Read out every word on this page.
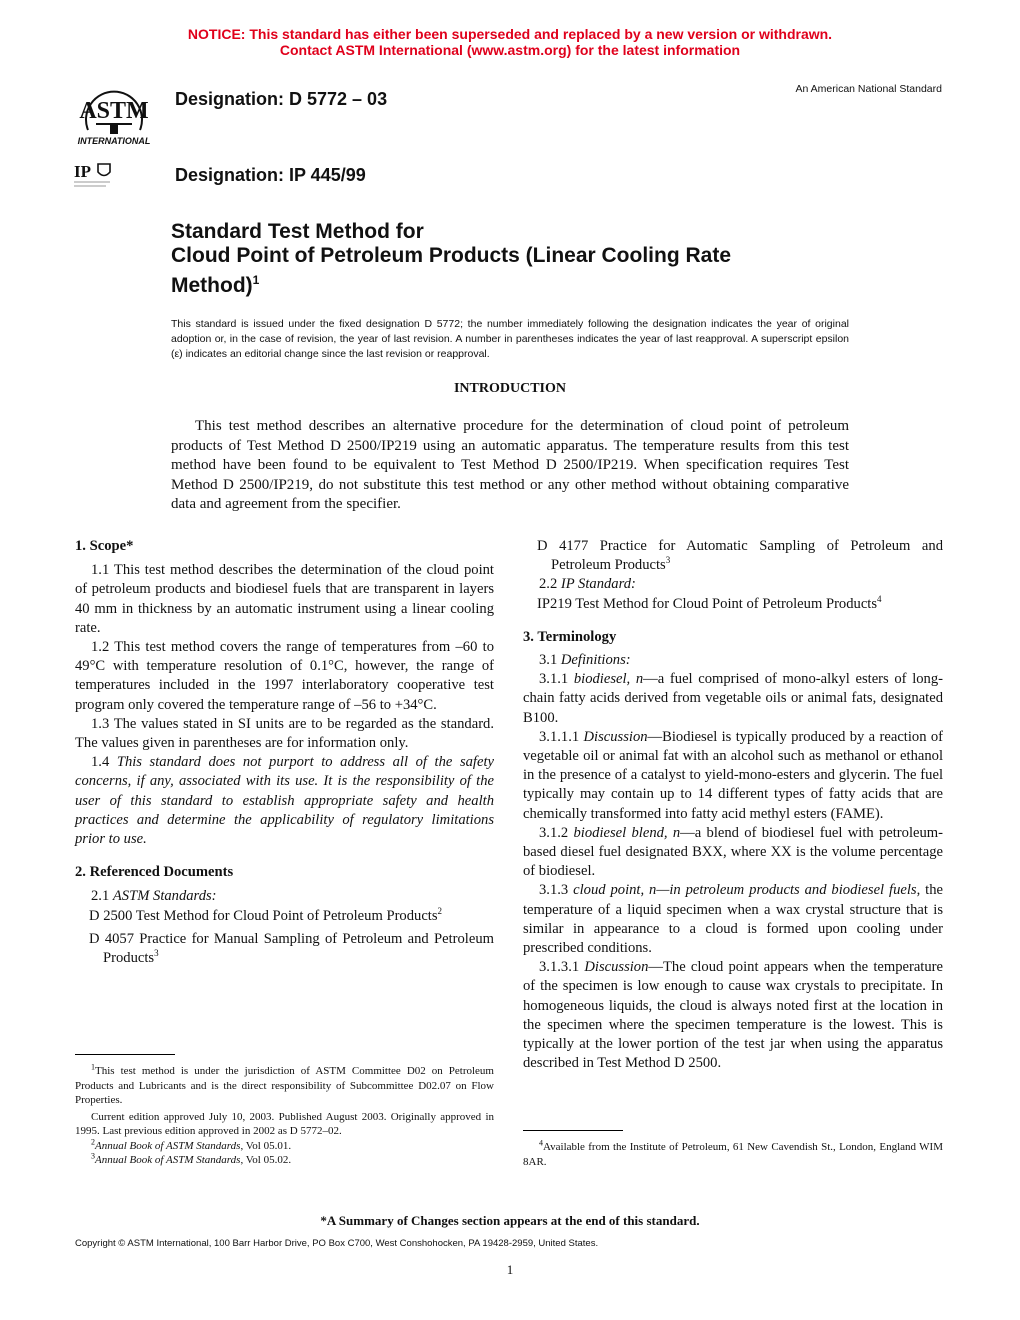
NOTICE: This standard has either been superseded and replaced by a new version or withdrawn.
Contact ASTM International (www.astm.org) for the latest information
ASTM
INTERNATIONAL
IP
Designation: D 5772 – 03
Designation: IP 445/99
An American National Standard
Standard Test Method for
Cloud Point of Petroleum Products (Linear Cooling Rate
Method)$^1$
This standard is issued under the fixed designation D 5772; the number immediately following the designation indicates the year of original adoption or, in the case of revision, the year of last revision. A number in parentheses indicates the year of last reapproval. A superscript epsilon (ε) indicates an editorial change since the last revision or reapproval.
INTRODUCTION
This test method describes an alternative procedure for the determination of cloud point of petroleum products of Test Method D 2500/IP219 using an automatic apparatus. The temperature results from this test method have been found to be equivalent to Test Method D 2500/IP219. When specification requires Test Method D 2500/IP219, do not substitute this test method or any other method without obtaining comparative data and agreement from the specifier.

1. Scope*

1.1 This test method describes the determination of the cloud point of petroleum products and biodiesel fuels that are transparent in layers 40 mm in thickness by an automatic instrument using a linear cooling rate.

1.2 This test method covers the range of temperatures from –60 to 49°C with temperature resolution of 0.1°C, however, the range of temperatures included in the 1997 interlaboratory cooperative test program only covered the temperature range of –56 to +34°C.

1.3 The values stated in SI units are to be regarded as the standard. The values given in parentheses are for information only.

1.4 This standard does not purport to address all of the safety concerns, if any, associated with its use. It is the responsibility of the user of this standard to establish appropriate safety and health practices and determine the applicability of regulatory limitations prior to use.

2. Referenced Documents

2.1 ASTM Standards:

D 2500 Test Method for Cloud Point of Petroleum Products$^2$

D 4057 Practice for Manual Sampling of Petroleum and Petroleum Products$^3$

$^1$This test method is under the jurisdiction of ASTM Committee D02 on Petroleum Products and Lubricants and is the direct responsibility of Subcommittee D02.07 on Flow Properties.

Current edition approved July 10, 2003. Published August 2003. Originally approved in 1995. Last previous edition approved in 2002 as D 5772–02.

$^2$Annual Book of ASTM Standards, Vol 05.01.

$^3$Annual Book of ASTM Standards, Vol 05.02.

D 4177 Practice for Automatic Sampling of Petroleum and Petroleum Products$^3$

2.2 IP Standard:

IP219 Test Method for Cloud Point of Petroleum Products$^4$

3. Terminology

3.1 Definitions:

3.1.1 biodiesel, n—a fuel comprised of mono-alkyl esters of long-chain fatty acids derived from vegetable oils or animal fats, designated B100.

3.1.1.1 Discussion—Biodiesel is typically produced by a reaction of vegetable oil or animal fat with an alcohol such as methanol or ethanol in the presence of a catalyst to yield-mono-esters and glycerin. The fuel typically may contain up to 14 different types of fatty acids that are chemically transformed into fatty acid methyl esters (FAME).

3.1.2 biodiesel blend, n—a blend of biodiesel fuel with petroleum-based diesel fuel designated BXX, where XX is the volume percentage of biodiesel.

3.1.3 cloud point, n—in petroleum products and biodiesel fuels, the temperature of a liquid specimen when a wax crystal structure that is similar in appearance to a cloud is formed upon cooling under prescribed conditions.

3.1.3.1 Discussion—The cloud point appears when the temperature of the specimen is low enough to cause wax crystals to precipitate. In homogeneous liquids, the cloud is always noted first at the location in the specimen where the specimen temperature is the lowest. This is typically at the lower portion of the test jar when using the apparatus described in Test Method D 2500.

$^4$Available from the Institute of Petroleum, 61 New Cavendish St., London, England WIM 8AR.

*A Summary of Changes section appears at the end of this standard.
Copyright © ASTM International, 100 Barr Harbor Drive, PO Box C700, West Conshohocken, PA 19428-2959, United States.
1
